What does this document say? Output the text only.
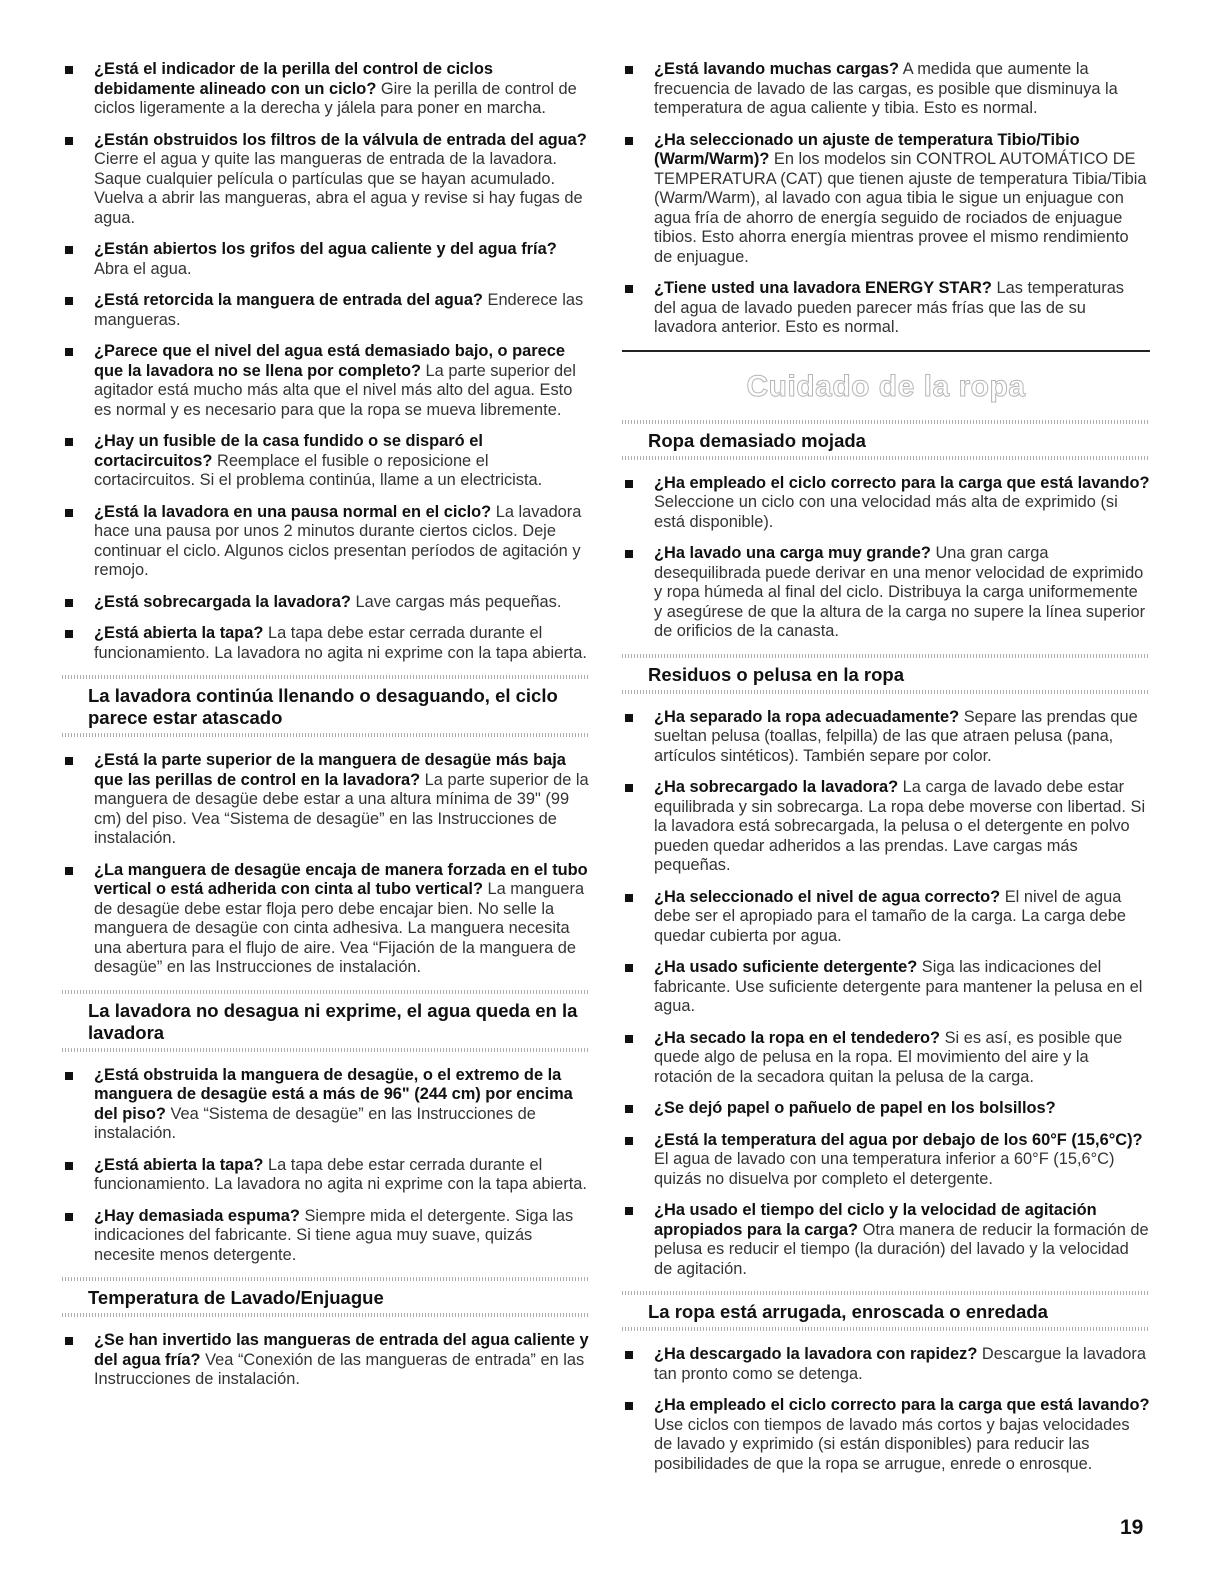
¿Está el indicador de la perilla del control de ciclos debidamente alineado con un ciclo? Gire la perilla de control de ciclos ligeramente a la derecha y jálela para poner en marcha.
¿Están obstruidos los filtros de la válvula de entrada del agua? Cierre el agua y quite las mangueras de entrada de la lavadora. Saque cualquier película o partículas que se hayan acumulado. Vuelva a abrir las mangueras, abra el agua y revise si hay fugas de agua.
¿Están abiertos los grifos del agua caliente y del agua fría? Abra el agua.
¿Está retorcida la manguera de entrada del agua? Enderece las mangueras.
¿Parece que el nivel del agua está demasiado bajo, o parece que la lavadora no se llena por completo? La parte superior del agitador está mucho más alta que el nivel más alto del agua. Esto es normal y es necesario para que la ropa se mueva libremente.
¿Hay un fusible de la casa fundido o se disparó el cortacircuitos? Reemplace el fusible o reposicione el cortacircuitos. Si el problema continúa, llame a un electricista.
¿Está la lavadora en una pausa normal en el ciclo? La lavadora hace una pausa por unos 2 minutos durante ciertos ciclos. Deje continuar el ciclo. Algunos ciclos presentan períodos de agitación y remojo.
¿Está sobrecargada la lavadora? Lave cargas más pequeñas.
¿Está abierta la tapa? La tapa debe estar cerrada durante el funcionamiento. La lavadora no agita ni exprime con la tapa abierta.
La lavadora continúa llenando o desaguando, el ciclo parece estar atascado
¿Está la parte superior de la manguera de desagüe más baja que las perillas de control en la lavadora? La parte superior de la manguera de desagüe debe estar a una altura mínima de 39" (99 cm) del piso. Vea “Sistema de desagüe” en las Instrucciones de instalación.
¿La manguera de desagüe encaja de manera forzada en el tubo vertical o está adherida con cinta al tubo vertical? La manguera de desagüe debe estar floja pero debe encajar bien. No selle la manguera de desagüe con cinta adhesiva. La manguera necesita una abertura para el flujo de aire. Vea “Fijación de la manguera de desagüe” en las Instrucciones de instalación.
La lavadora no desagua ni exprime, el agua queda en la lavadora
¿Está obstruida la manguera de desagüe, o el extremo de la manguera de desagüe está a más de 96" (244 cm) por encima del piso? Vea “Sistema de desagüe” en las Instrucciones de instalación.
¿Está abierta la tapa? La tapa debe estar cerrada durante el funcionamiento. La lavadora no agita ni exprime con la tapa abierta.
¿Hay demasiada espuma? Siempre mida el detergente. Siga las indicaciones del fabricante. Si tiene agua muy suave, quizás necesite menos detergente.
Temperatura de Lavado/Enjuague
¿Se han invertido las mangueras de entrada del agua caliente y del agua fría? Vea “Conexión de las mangueras de entrada” en las Instrucciones de instalación.
¿Está lavando muchas cargas? A medida que aumente la frecuencia de lavado de las cargas, es posible que disminuya la temperatura de agua caliente y tibia. Esto es normal.
¿Ha seleccionado un ajuste de temperatura Tibio/Tibio (Warm/Warm)? En los modelos sin CONTROL AUTOMÁTICO DE TEMPERATURA (CAT) que tienen ajuste de temperatura Tibia/Tibia (Warm/Warm), al lavado con agua tibia le sigue un enjuague con agua fría de ahorro de energía seguido de rociados de enjuague tibios. Esto ahorra energía mientras provee el mismo rendimiento de enjuague.
¿Tiene usted una lavadora ENERGY STAR? Las temperaturas del agua de lavado pueden parecer más frías que las de su lavadora anterior. Esto es normal.
Cuidado de la ropa
Ropa demasiado mojada
¿Ha empleado el ciclo correcto para la carga que está lavando? Seleccione un ciclo con una velocidad más alta de exprimido (si está disponible).
¿Ha lavado una carga muy grande? Una gran carga desequilibrada puede derivar en una menor velocidad de exprimido y ropa húmeda al final del ciclo. Distribuya la carga uniformemente y asegúrese de que la altura de la carga no supere la línea superior de orificios de la canasta.
Residuos o pelusa en la ropa
¿Ha separado la ropa adecuadamente? Separe las prendas que sueltan pelusa (toallas, felpilla) de las que atraen pelusa (pana, artículos sintéticos). También separe por color.
¿Ha sobrecargado la lavadora? La carga de lavado debe estar equilibrada y sin sobrecarga. La ropa debe moverse con libertad. Si la lavadora está sobrecargada, la pelusa o el detergente en polvo pueden quedar adheridos a las prendas. Lave cargas más pequeñas.
¿Ha seleccionado el nivel de agua correcto? El nivel de agua debe ser el apropiado para el tamaño de la carga. La carga debe quedar cubierta por agua.
¿Ha usado suficiente detergente? Siga las indicaciones del fabricante. Use suficiente detergente para mantener la pelusa en el agua.
¿Ha secado la ropa en el tendedero? Si es así, es posible que quede algo de pelusa en la ropa. El movimiento del aire y la rotación de la secadora quitan la pelusa de la carga.
¿Se dejó papel o pañuelo de papel en los bolsillos?
¿Está la temperatura del agua por debajo de los 60°F (15,6°C)? El agua de lavado con una temperatura inferior a 60°F (15,6°C) quizás no disuelva por completo el detergente.
¿Ha usado el tiempo del ciclo y la velocidad de agitación apropiados para la carga? Otra manera de reducir la formación de pelusa es reducir el tiempo (la duración) del lavado y la velocidad de agitación.
La ropa está arrugada, enroscada o enredada
¿Ha descargado la lavadora con rapidez? Descargue la lavadora tan pronto como se detenga.
¿Ha empleado el ciclo correcto para la carga que está lavando? Use ciclos con tiempos de lavado más cortos y bajas velocidades de lavado y exprimido (si están disponibles) para reducir las posibilidades de que la ropa se arrugue, enrede o enrosque.
19
